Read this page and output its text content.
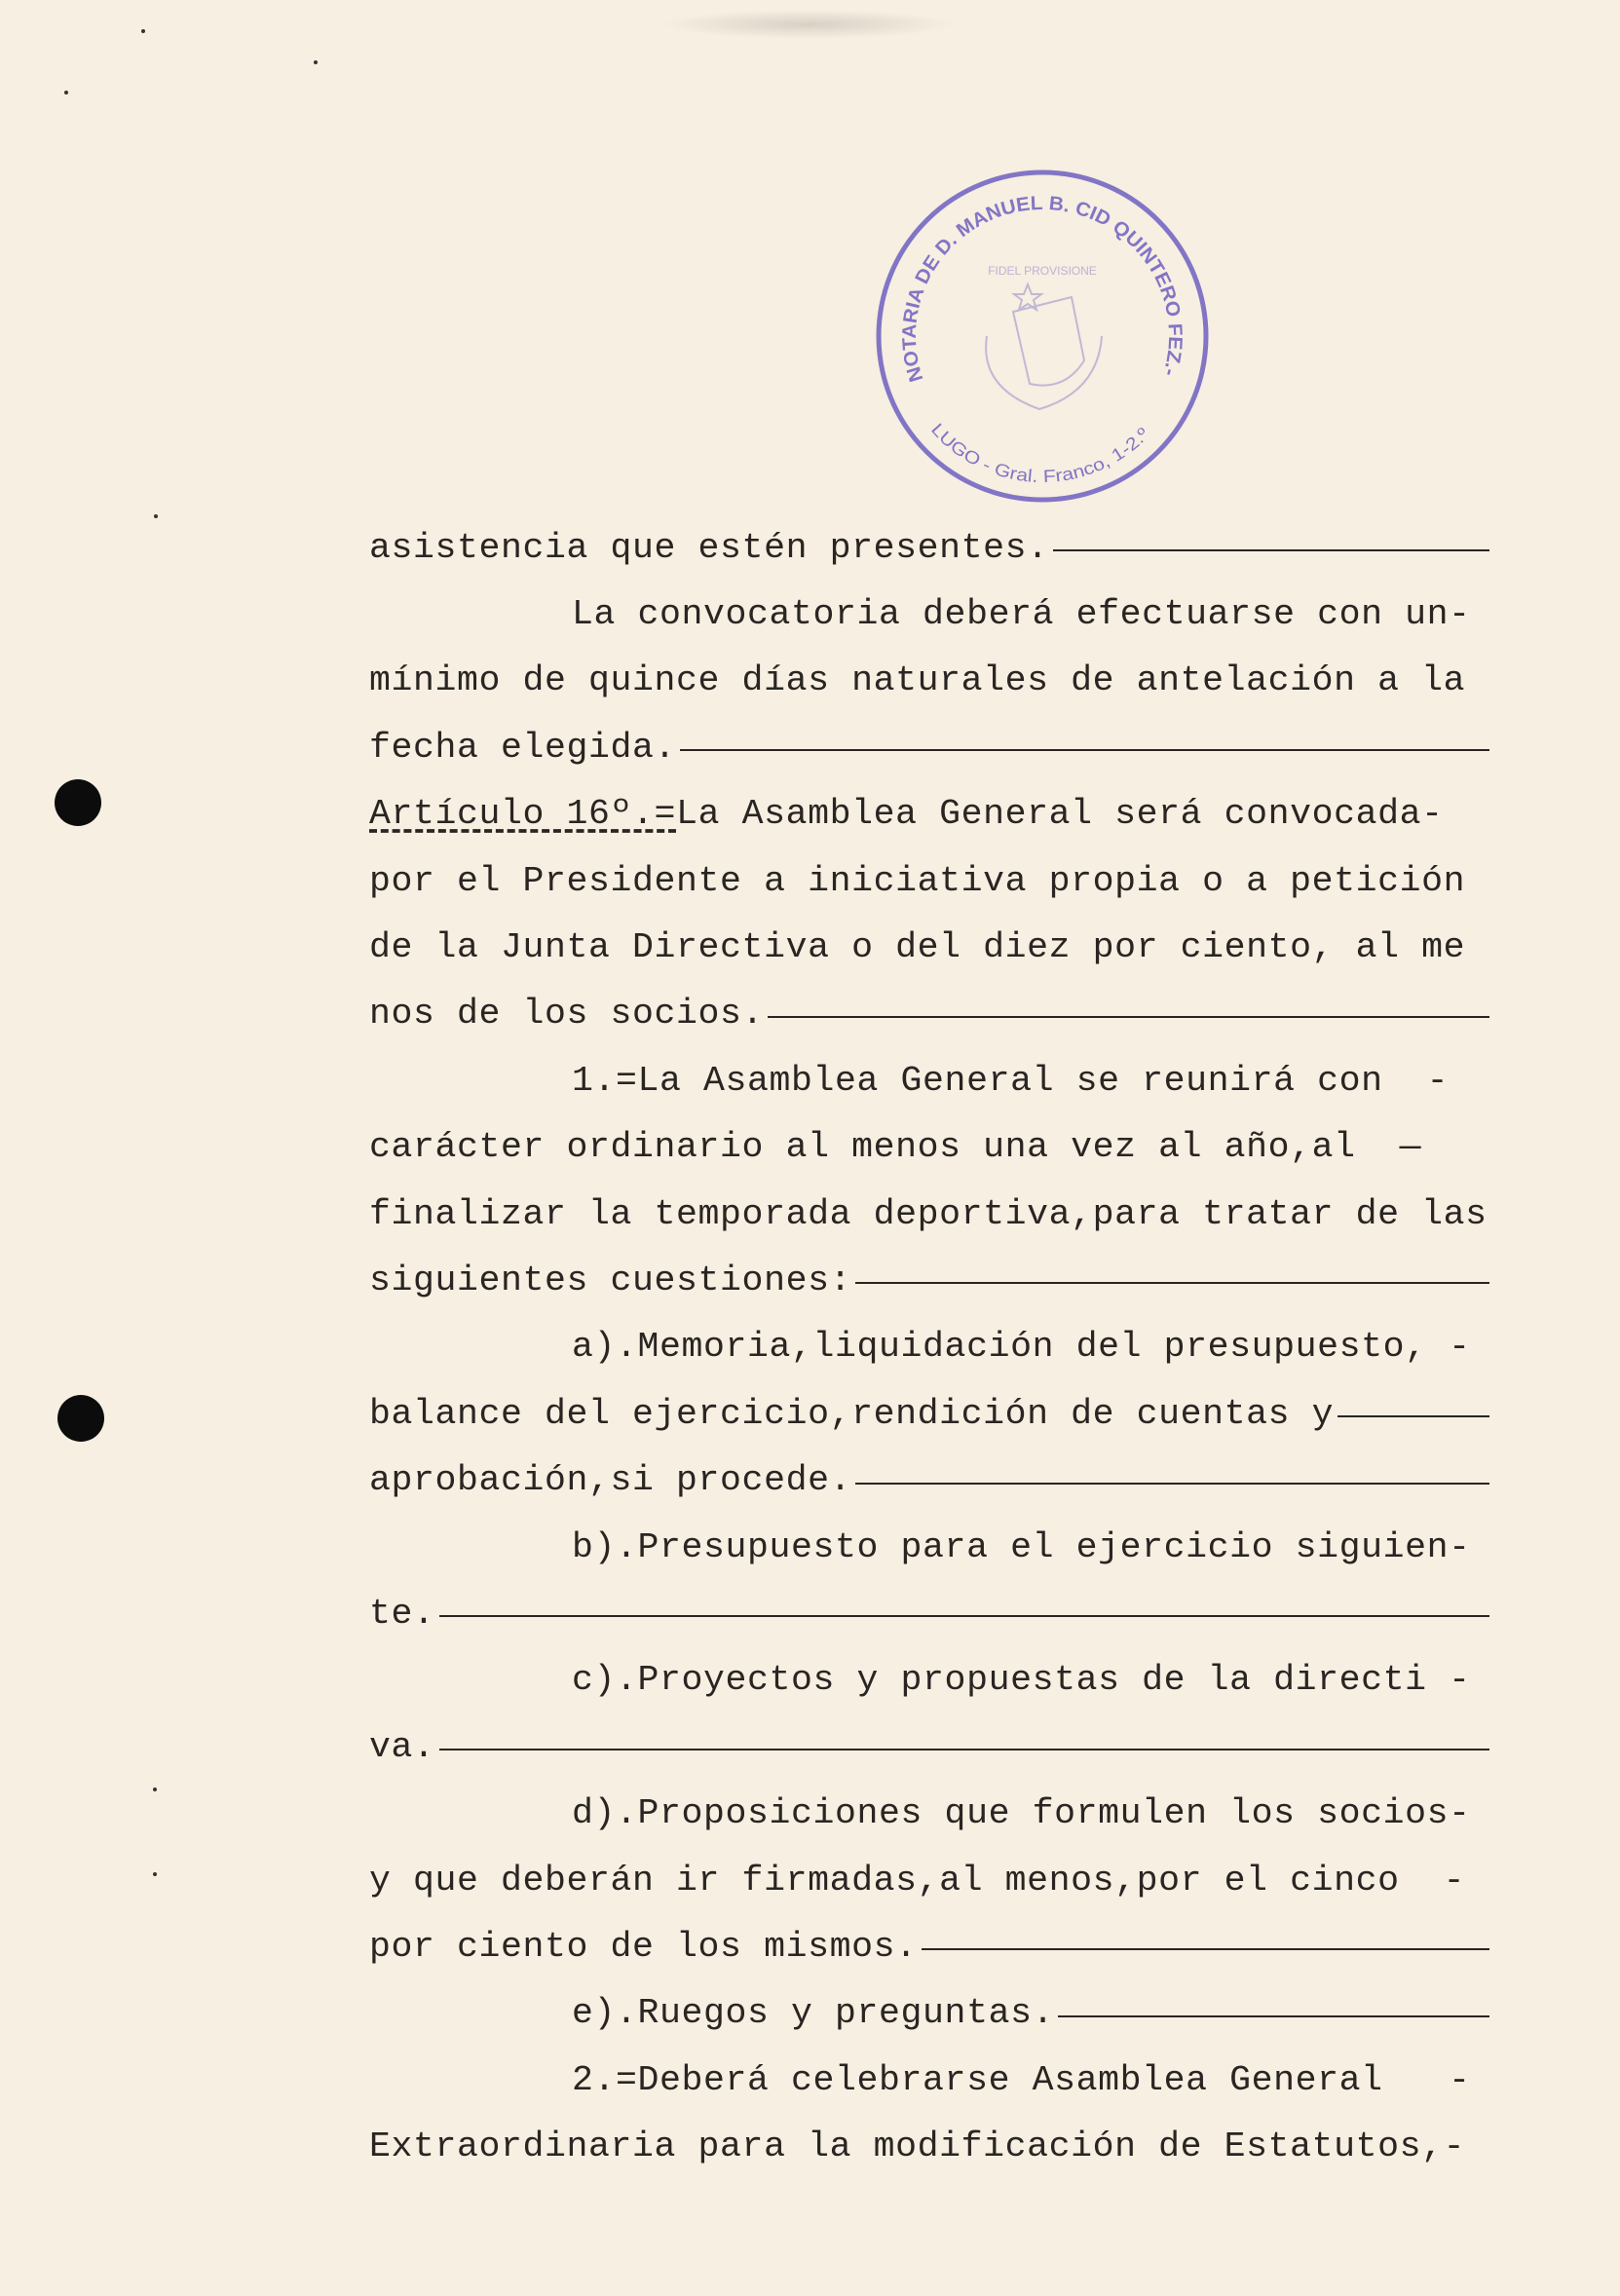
asistencia que estén presentes.
La convocatoria deberá efectuarse con un-
mínimo de quince días naturales de antelación a la
fecha elegida.
Artículo 16º.= La Asamblea General será convocada-
por el Presidente a iniciativa propia o a petición
de la Junta Directiva o del diez por ciento, al me
nos de los socios.
1.=La Asamblea General se reunirá con  -
carácter ordinario al menos una vez al año,al  —
finalizar la temporada deportiva,para tratar de las
siguientes cuestiones:
a).Memoria,liquidación del presupuesto, -
balance del ejercicio,rendición de cuentas y
aprobación,si procede.
b).Presupuesto para el ejercicio siguien-
te.
c).Proyectos y propuestas de la directi -
va.
d).Proposiciones que formulen los socios-
y que deberán ir firmadas,al menos,por el cinco  -
por ciento de los mismos.
e).Ruegos y preguntas.
2.=Deberá celebrarse Asamblea General   -
Extraordinaria para la modificación de Estatutos,-
NOTARIA DE D. MANUEL B. CID QUINTERO FEZ.-
LUGO - Gral. Franco, 1-2.º
FIDEL PROVISIONE
